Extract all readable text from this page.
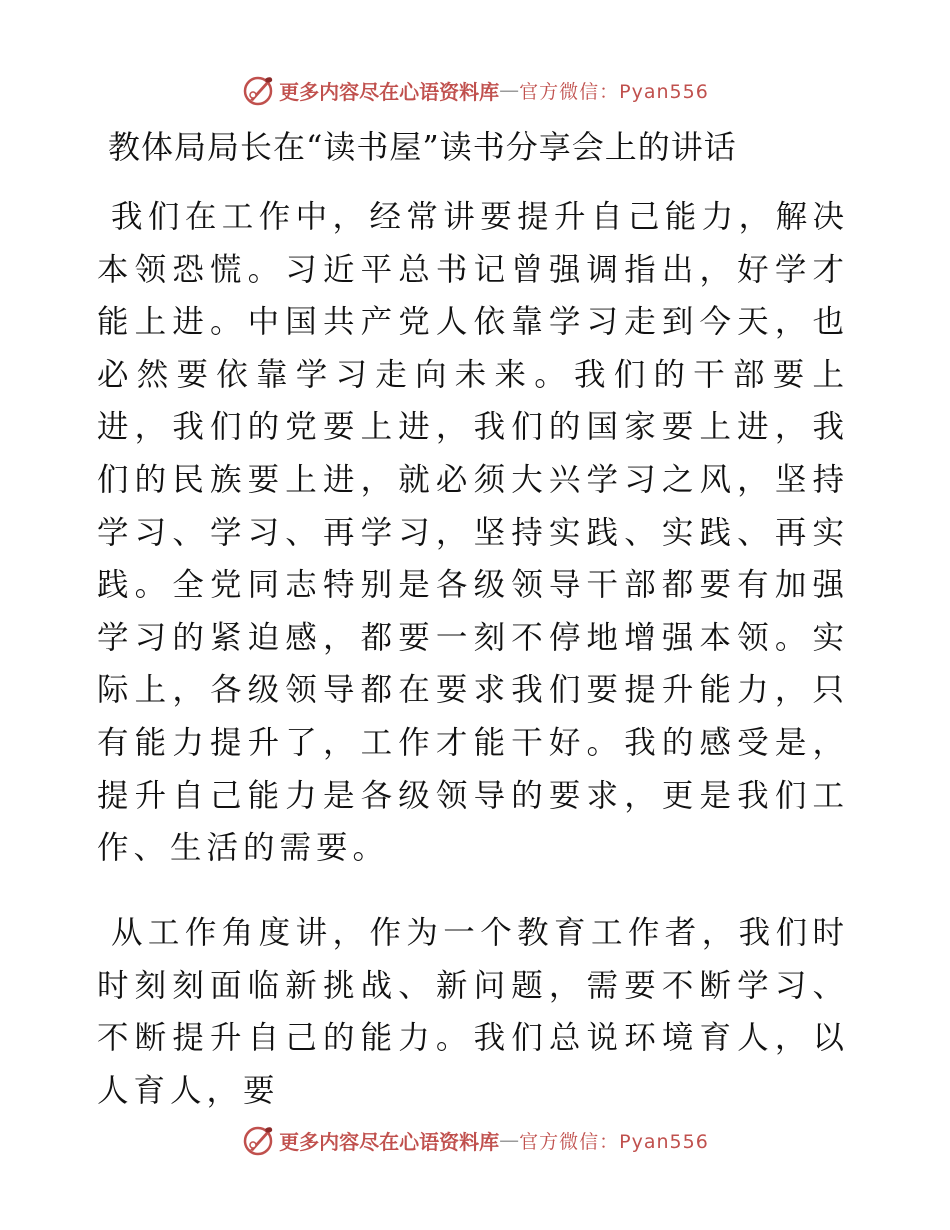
更多内容尽在心语资料库 — 官方微信：Pyan556
教体局局长在“读书屋”读书分享会上的讲话
我们在工作中，经常讲要提升自己能力，解决本领恐慌。习近平总书记曾强调指出，好学才能上进。中国共产党人依靠学习走到今天，也必然要依靠学习走向未来。我们的干部要上进，我们的党要上进，我们的国家要上进，我们的民族要上进，就必须大兴学习之风，坚持学习、学习、再学习，坚持实践、实践、再实践。全党同志特别是各级领导干部都要有加强学习的紧迫感，都要一刻不停地增强本领。实际上，各级领导都在要求我们要提升能力，只有能力提升了，工作才能干好。我的感受是，提升自己能力是各级领导的要求，更是我们工作、生活的需要。
从工作角度讲，作为一个教育工作者，我们时时刻刻面临新挑战、新问题，需要不断学习、不断提升自己的能力。我们总说环境育人，以人育人，要
更多内容尽在心语资料库 — 官方微信：Pyan556
